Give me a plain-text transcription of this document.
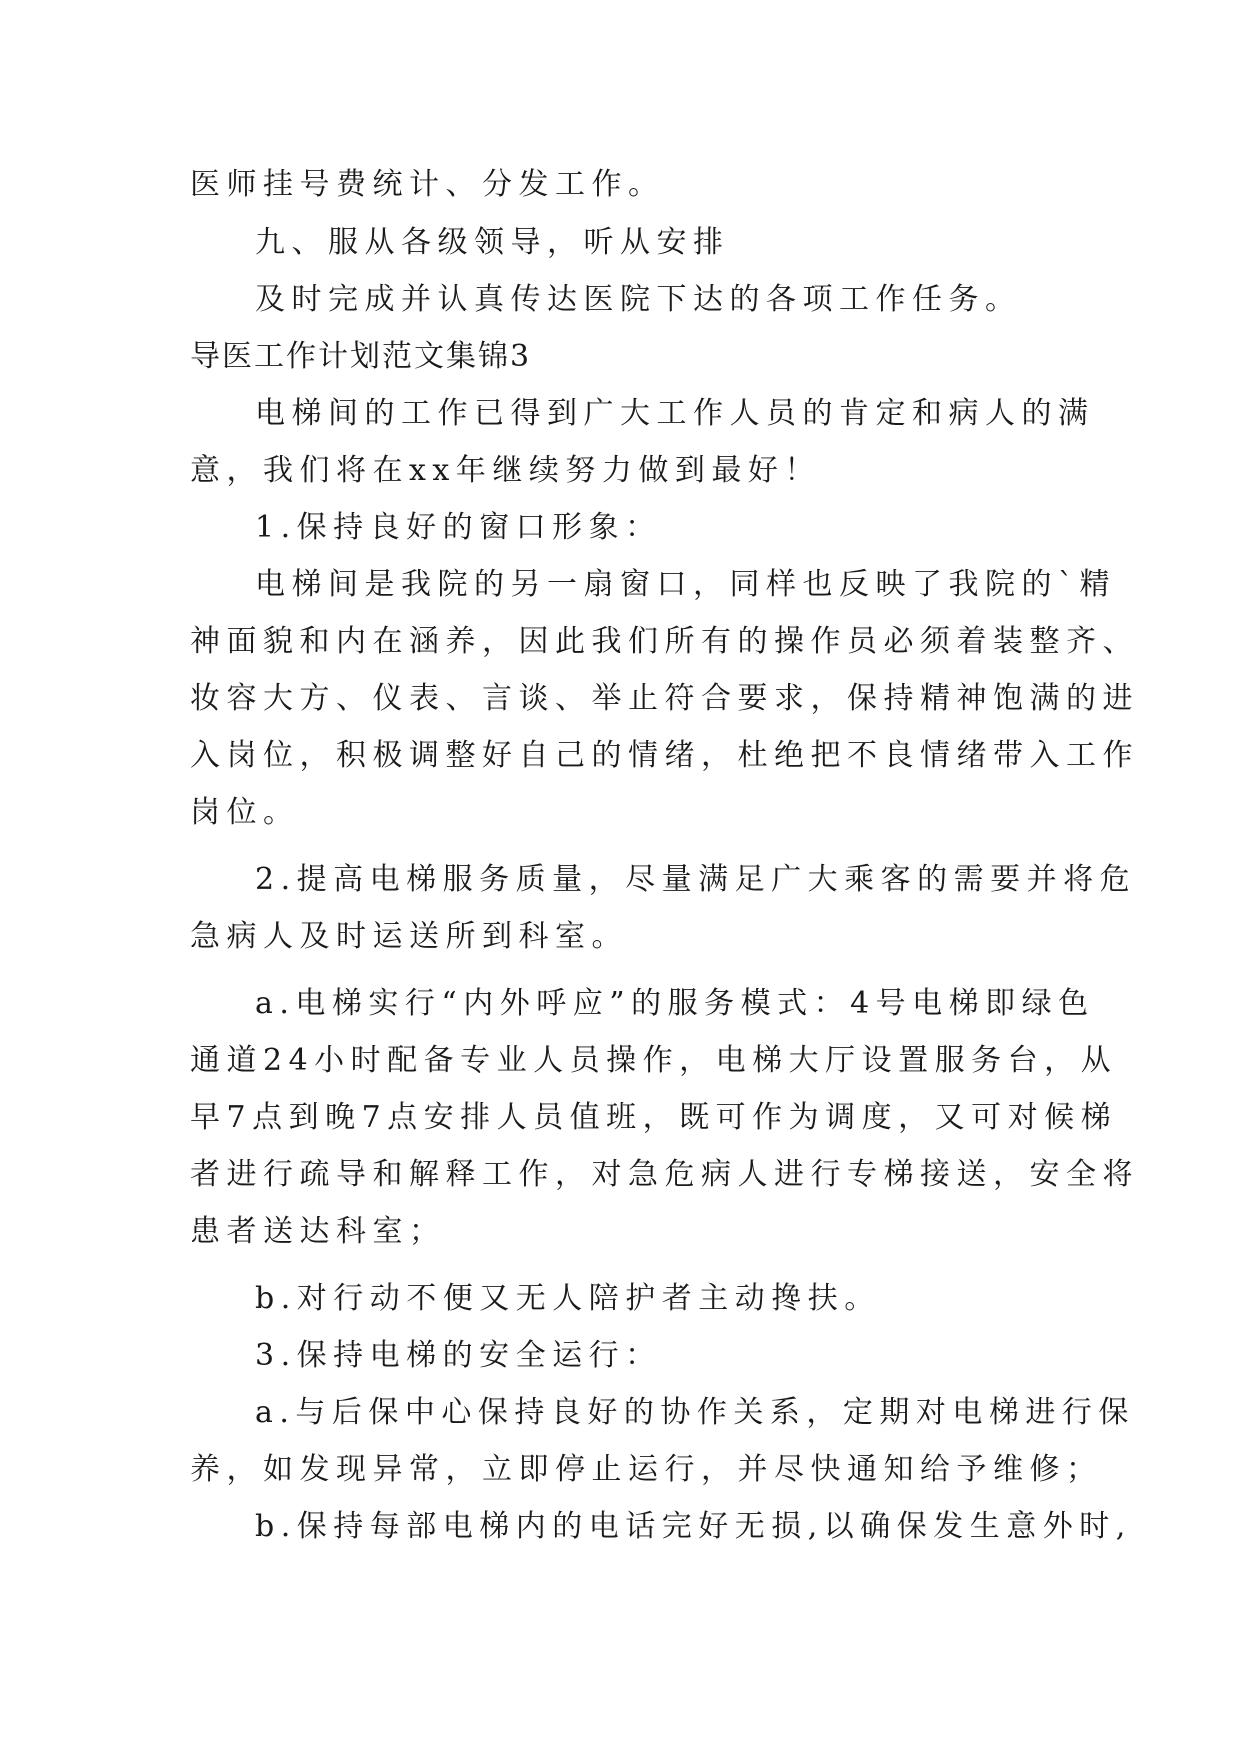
医师挂号费统计、分发工作。
九、服从各级领导，听从安排
及时完成并认真传达医院下达的各项工作任务。
导医工作计划范文集锦3
电梯间的工作已得到广大工作人员的肯定和病人的满
意，我们将在xx年继续努力做到最好！
1.保持良好的窗口形象：
电梯间是我院的另一扇窗口，同样也反映了我院的`精
神面貌和内在涵养，因此我们所有的操作员必须着装整齐、
妆容大方、仪表、言谈、举止符合要求，保持精神饱满的进
入岗位，积极调整好自己的情绪，杜绝把不良情绪带入工作
岗位。
2.提高电梯服务质量，尽量满足广大乘客的需要并将危
急病人及时运送所到科室。
a.电梯实行“内外呼应”的服务模式：4号电梯即绿色
通道24小时配备专业人员操作，电梯大厅设置服务台，从
早7点到晚7点安排人员值班，既可作为调度，又可对候梯
者进行疏导和解释工作，对急危病人进行专梯接送，安全将
患者送达科室；
b.对行动不便又无人陪护者主动搀扶。
3.保持电梯的安全运行：
a.与后保中心保持良好的协作关系，定期对电梯进行保
养，如发现异常，立即停止运行，并尽快通知给予维修；
b.保持每部电梯内的电话完好无损,以确保发生意外时,
